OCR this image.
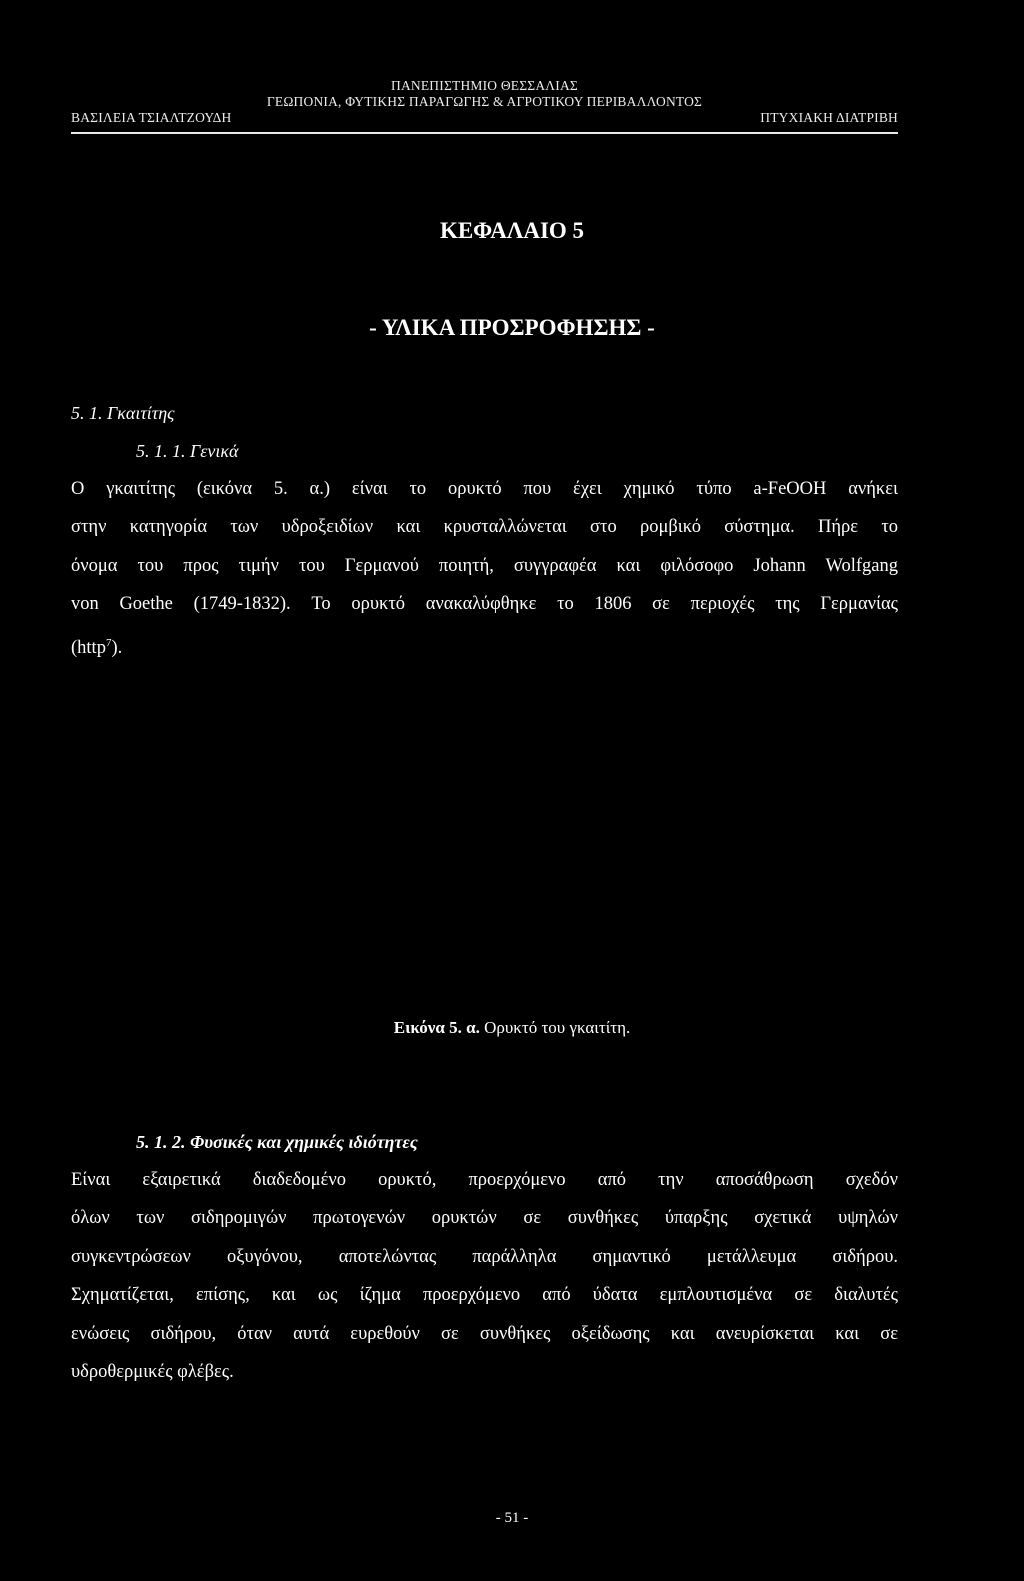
ΠΑΝΕΠΙΣΤΗΜΙΟ ΘΕΣΣΑΛΙΑΣ
ΓΕΩΠΟΝΙΑ, ΦΥΤΙΚΗΣ ΠΑΡΑΓΩΓΗΣ & ΑΓΡΟΤΙΚΟΥ ΠΕΡΙΒΑΛΛΟΝΤΟΣ
ΒΑΣΙΛΕΙΑ ΤΣΙΑΛΤΖΟΥΔΗ	ΠΤΥΧΙΑΚΗ ΔΙΑΤΡΙΒΗ
ΚΕΦΑΛΑΙΟ 5
- ΥΛΙΚΑ ΠΡΟΣΡΟΦΗΣΗΣ -
5. 1. Γκαιτίτης
5. 1. 1. Γενικά
Ο γκαιτίτης (εικόνα 5. α.) είναι το ορυκτό που έχει χημικό τύπο a-FeOOH ανήκει
στην κατηγορία των υδροξειδίων και κρυσταλλώνεται στο ρομβικό σύστημα. Πήρε το
όνομα του προς τιμήν του Γερμανού ποιητή, συγγραφέα και φιλόσοφο Johann Wolfgang
von Goethe (1749-1832). Το ορυκτό ανακαλύφθηκε το 1806 σε περιοχές της Γερμανίας
(http$^7$).
Εικόνα 5. α. Ορυκτό του γκαιτίτη.
5. 1. 2. Φυσικές και χημικές ιδιότητες
Είναι εξαιρετικά διαδεδομένο ορυκτό, προερχόμενο από την αποσάθρωση σχεδόν
όλων των σιδηρομιγών πρωτογενών ορυκτών σε συνθήκες ύπαρξης σχετικά υψηλών
συγκεντρώσεων οξυγόνου, αποτελώντας παράλληλα σημαντικό μετάλλευμα σιδήρου.
Σχηματίζεται, επίσης, και ως ίζημα προερχόμενο από ύδατα εμπλουτισμένα σε διαλυτές
ενώσεις σιδήρου, όταν αυτά ευρεθούν σε συνθήκες οξείδωσης και ανευρίσκεται και σε
υδροθερμικές φλέβες.
- 51 -
